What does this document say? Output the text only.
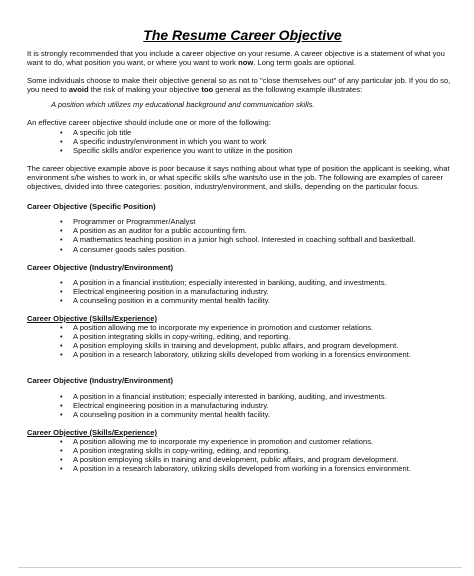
The Resume Career Objective

It is strongly recommended that you include a career objective on your resume. A career objective is a statement of what you want to do, what position you want, or where you want to work now. Long term goals are optional.

Some individuals choose to make their objective general so as not to "close themselves out" of any particular job. If you do so, you need to avoid the risk of making your objective too general as the following example illustrates:

A position which utilizes my educational background and communication skills.

An effective career objective should include one or more of the following:

• A specific job title
• A specific industry/environment in which you want to work
• Specific skills and/or experience you want to utilize in the position

The career objective example above is poor because it says nothing about what type of position the applicant is seeking, what environment s/he wishes to work in, or what specific skills s/he wants/to use in the job. The following are examples of career objectives, divided into three categories: position, industry/environment, and skills, depending on the particular focus.

Career Objective (Specific Position)

• Programmer or Programmer/Analyst
• A position as an auditor for a public accounting firm.
• A mathematics teaching position in a junior high school. Interested in coaching softball and basketball.
• A consumer goods sales position.

Career Objective (Industry/Environment)

• A position in a financial institution; especially interested in banking, auditing, and investments.
• Electrical engineering position in a manufacturing industry.
• A counseling position in a community mental health facility.

Career Objective (Skills/Experience)

• A position allowing me to incorporate my experience in promotion and customer relations.
• A position integrating skills in copy-writing, editing, and reporting.
• A position employing skills in training and development, public affairs, and program development.
• A position in a research laboratory, utilizing skills developed from working in a forensics environment.

Career Objective (Industry/Environment)

• A position in a financial institution; especially interested in banking, auditing, and investments.
• Electrical engineering position in a manufacturing industry.
• A counseling position in a community mental health facility.

Career Objective (Skills/Experience)

• A position allowing me to incorporate my experience in promotion and customer relations.
• A position integrating skills in copy-writing, editing, and reporting.
• A position employing skills in training and development, public affairs, and program development.
• A position in a research laboratory, utilizing skills developed from working in a forensics environment.
